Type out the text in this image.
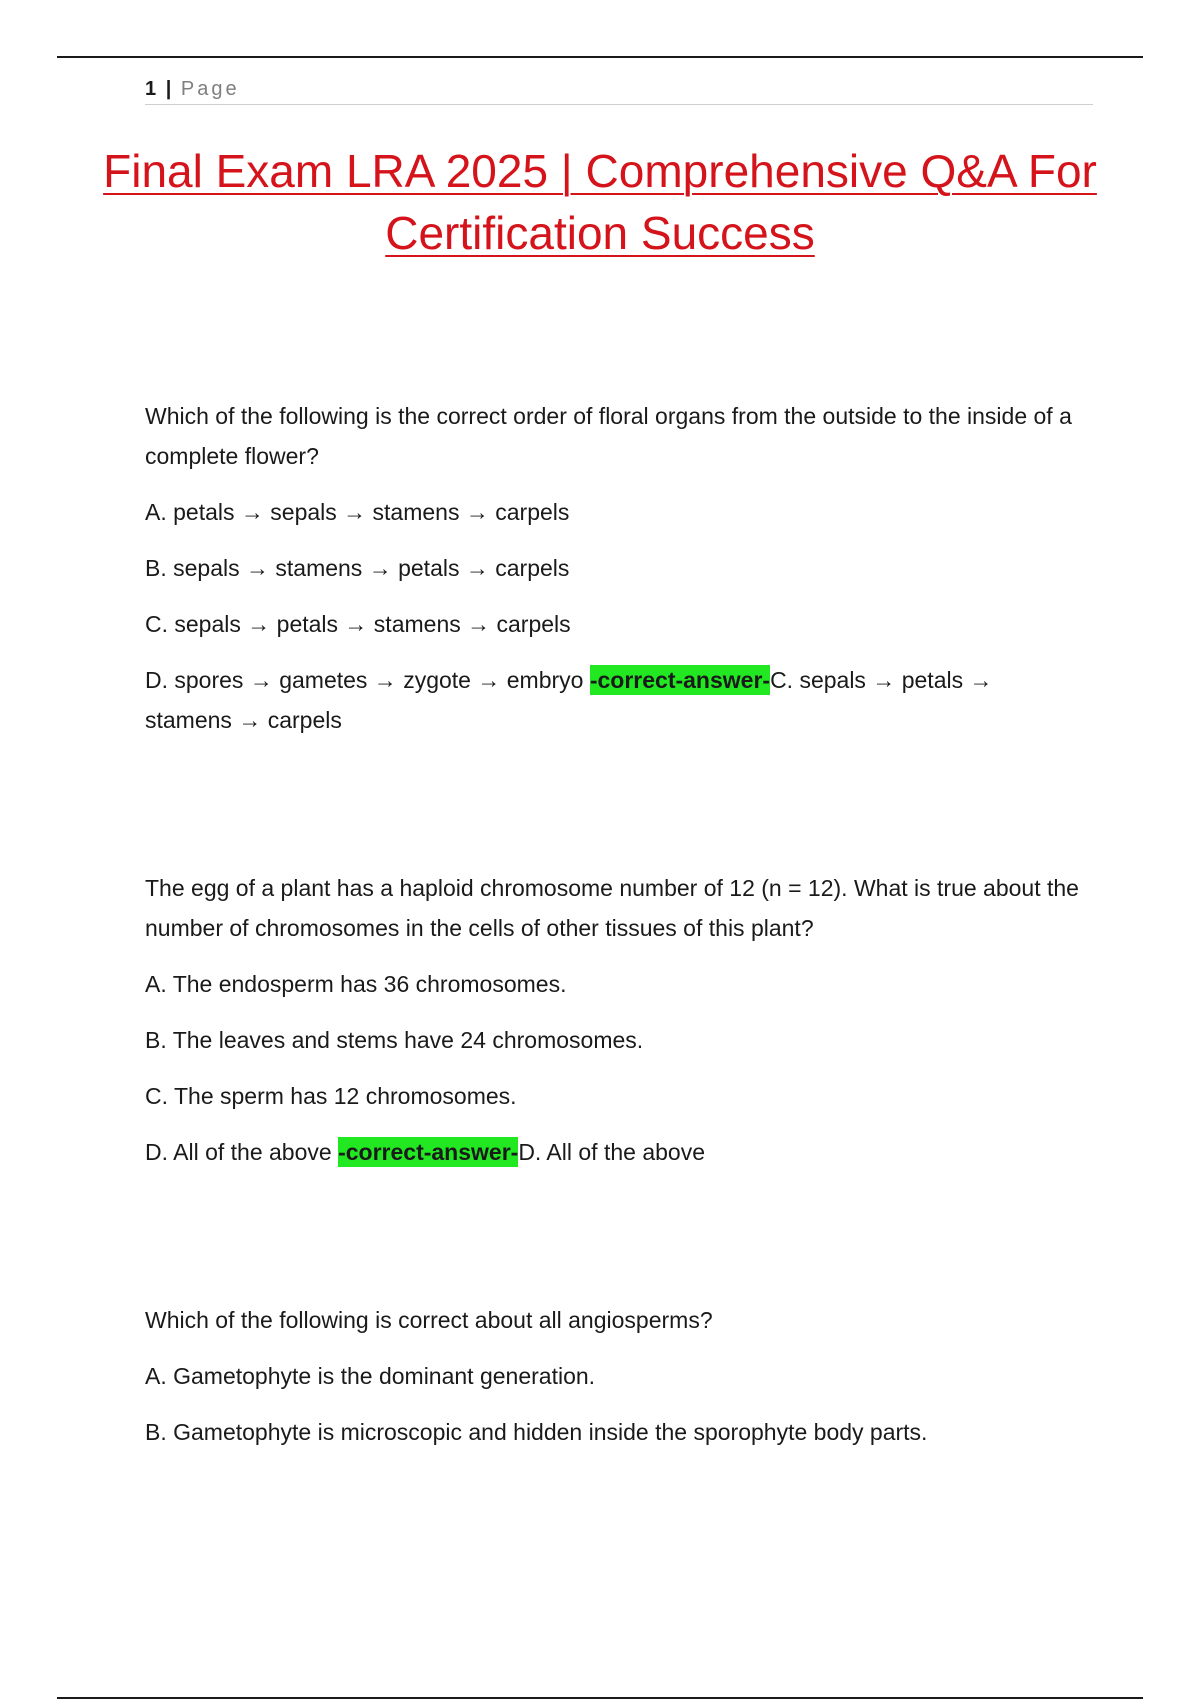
1 | Page
Final Exam LRA 2025 | Comprehensive Q&A For Certification Success

Which of the following is the correct order of floral organs from the outside to the inside of a complete flower?

A. petals → sepals → stamens → carpels

B. sepals → stamens → petals → carpels

C. sepals → petals → stamens → carpels

D. spores → gametes → zygote → embryo -correct-answer-C. sepals → petals → stamens → carpels

The egg of a plant has a haploid chromosome number of 12 (n = 12). What is true about the number of chromosomes in the cells of other tissues of this plant?

A. The endosperm has 36 chromosomes.

B. The leaves and stems have 24 chromosomes.

C. The sperm has 12 chromosomes.

D. All of the above -correct-answer-D. All of the above

Which of the following is correct about all angiosperms?

A. Gametophyte is the dominant generation.

B. Gametophyte is microscopic and hidden inside the sporophyte body parts.
